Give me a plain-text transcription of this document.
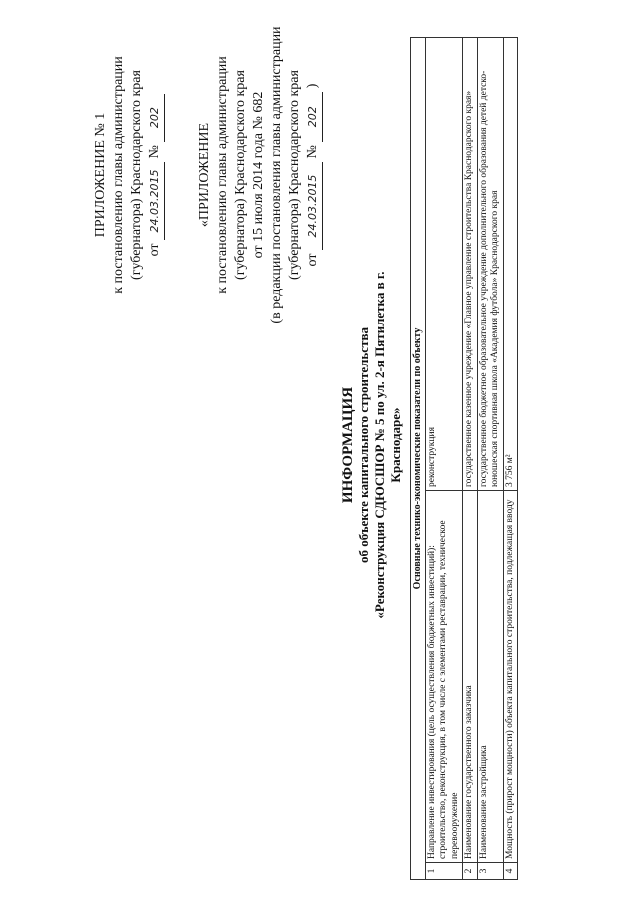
ПРИЛОЖЕНИЕ № 1 к постановлению главы администрации (губернатора) Краснодарского края от 24.03.2015 № 202
«ПРИЛОЖЕНИЕ к постановлению главы администрации (губернатора) Краснодарского края от 15 июля 2014 года № 682 (в редакции постановления главы администрации (губернатора) Краснодарского края от 24.03.2015 № 202 )
ИНФОРМАЦИЯ об объекте капитального строительства «Реконструкция СДЮСШОР № 5 по ул. 2-я Пятилетка в г. Краснодаре» Основные технико-экономические показатели по объекту		
1	Направление инвестирования (цель осуществления бюджетных инвестиций): строительство, реконструкция, в том числе с элементами реставрации, техническое перевооружение	реконструкция
2	Наименование государственного заказчика	государственное казенное учреждение «Главное управление строительства Краснодарского края»
3	Наименование застройщика	государственное бюджетное образовательное учреждение дополнительного образования детей детско-юношеская спортивная школа «Академия футбола» Краснодарского края
4	Мощность (прирост мощности) объекта капитального строительства, подлежащая вводу	3 756 м²
